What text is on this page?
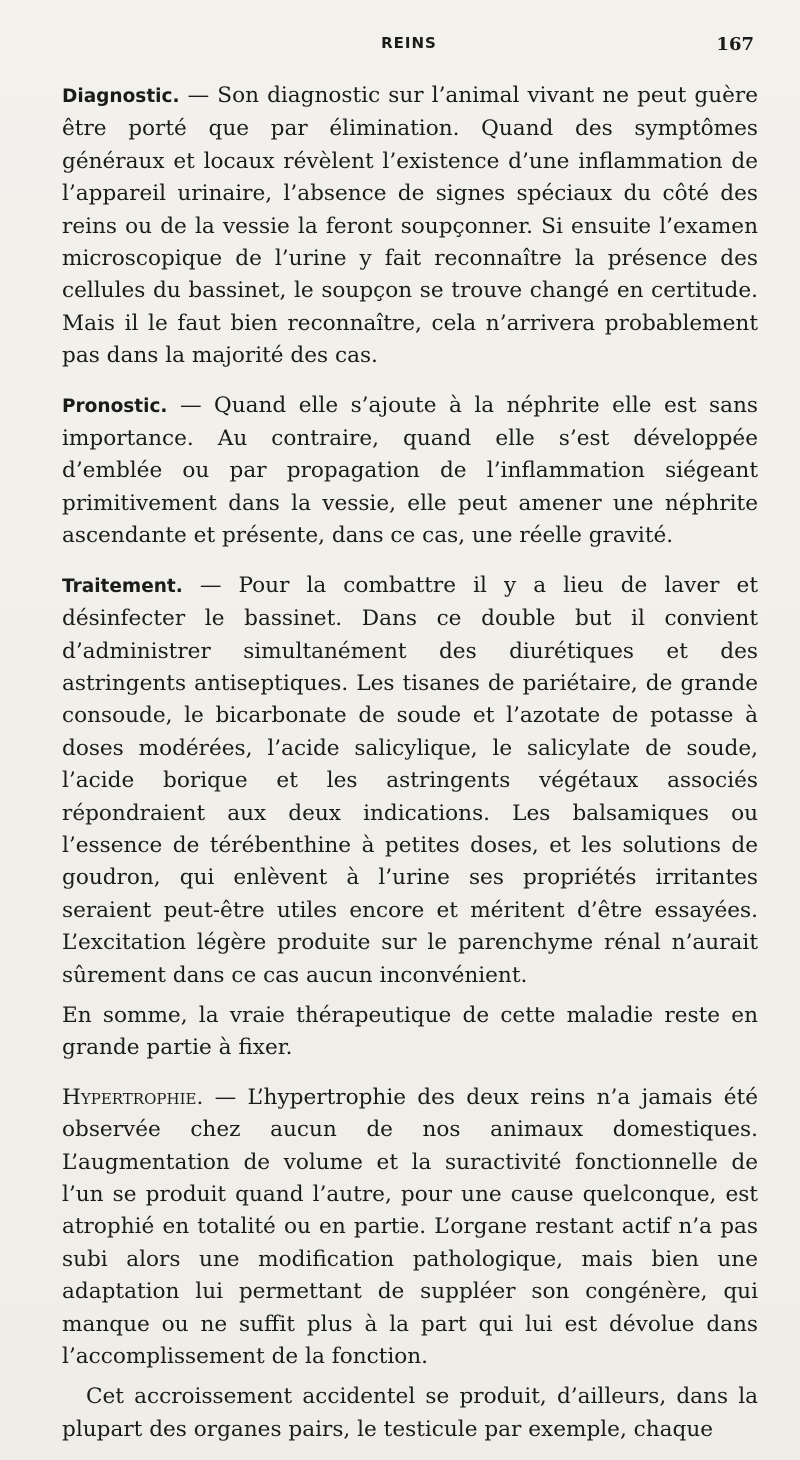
REINS	167

Diagnostic. — Son diagnostic sur l’animal vivant ne peut guère être porté que par élimination. Quand des symptômes généraux et locaux révèlent l’existence d’une inflammation de l’appareil urinaire, l’absence de signes spéciaux du côté des reins ou de la vessie la feront soupçonner. Si ensuite l’examen microscopique de l’urine y fait reconnaître la présence des cellules du bassinet, le soupçon se trouve changé en certitude. Mais il le faut bien reconnaître, cela n’arrivera probablement pas dans la majorité des cas.

Pronostic. — Quand elle s’ajoute à la néphrite elle est sans importance. Au contraire, quand elle s’est développée d’emblée ou par propagation de l’inflammation siégeant primitivement dans la vessie, elle peut amener une néphrite ascendante et présente, dans ce cas, une réelle gravité.

Traitement. — Pour la combattre il y a lieu de laver et désinfecter le bassinet. Dans ce double but il convient d’administrer simultanément des diurétiques et des astringents antiseptiques. Les tisanes de pariétaire, de grande consoude, le bicarbonate de soude et l’azotate de potasse à doses modérées, l’acide salicylique, le salicylate de soude, l’acide borique et les astringents végétaux associés répondraient aux deux indications. Les balsamiques ou l’essence de térébenthine à petites doses, et les solutions de goudron, qui enlèvent à l’urine ses propriétés irritantes seraient peut-être utiles encore et méritent d’être essayées. L’excitation légère produite sur le parenchyme rénal n’aurait sûrement dans ce cas aucun inconvénient.

En somme, la vraie thérapeutique de cette maladie reste en grande partie à fixer.

Hypertrophie. — L’hypertrophie des deux reins n’a jamais été observée chez aucun de nos animaux domestiques. L’augmentation de volume et la suractivité fonctionnelle de l’un se produit quand l’autre, pour une cause quelconque, est atrophié en totalité ou en partie. L’organe restant actif n’a pas subi alors une modification pathologique, mais bien une adaptation lui permettant de suppléer son congénère, qui manque ou ne suffit plus à la part qui lui est dévolue dans l’accomplissement de la fonction.

Cet accroissement accidentel se produit, d’ailleurs, dans la plupart des organes pairs, le testicule par exemple, chaque
